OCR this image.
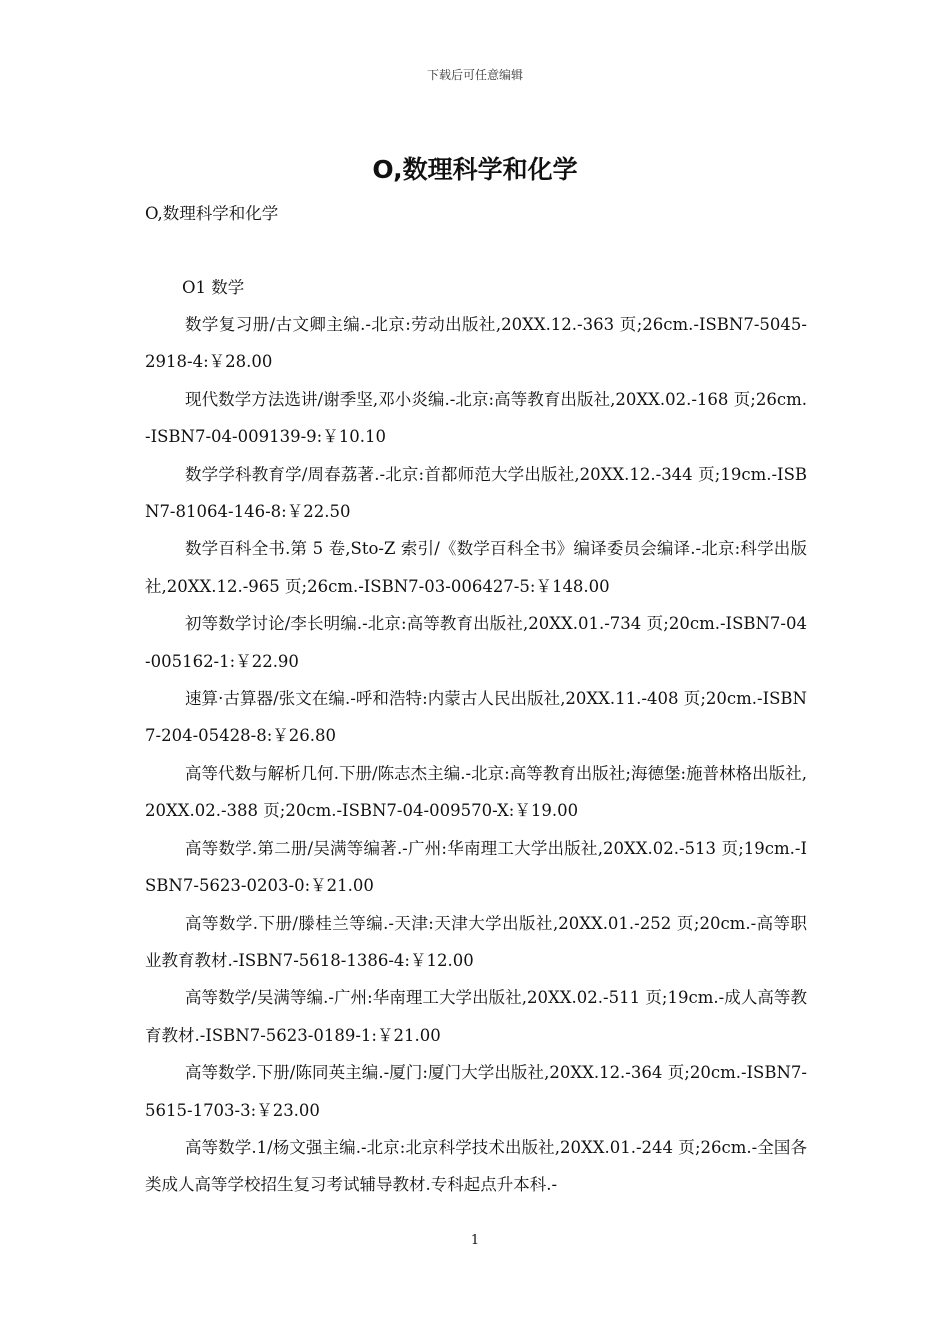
下载后可任意编辑
O,数理科学和化学

O,数理科学和化学

O1 数学

数学复习册/古文卿主编.-北京:劳动出版社,20XX.12.-363 页;26cm.-ISBN7-5045-2918-4:￥28.00
现代数学方法选讲/谢季坚,邓小炎编.-北京:高等教育出版社,20XX.02.-168 页;26cm.-ISBN7-04-009139-9:￥10.10
数学学科教育学/周春荔著.-北京:首都师范大学出版社,20XX.12.-344 页;19cm.-ISBN7-81064-146-8:￥22.50
数学百科全书.第 5 卷,Sto-Z 索引/《数学百科全书》编译委员会编译.-北京:科学出版社,20XX.12.-965 页;26cm.-ISBN7-03-006427-5:￥148.00
初等数学讨论/李长明编.-北京:高等教育出版社,20XX.01.-734 页;20cm.-ISBN7-04-005162-1:￥22.90
速算·古算器/张文在编.-呼和浩特:内蒙古人民出版社,20XX.11.-408 页;20cm.-ISBN7-204-05428-8:￥26.80
高等代数与解析几何.下册/陈志杰主编.-北京:高等教育出版社;海德堡:施普林格出版社,20XX.02.-388 页;20cm.-ISBN7-04-009570-X:￥19.00
高等数学.第二册/吴满等编著.-广州:华南理工大学出版社,20XX.02.-513 页;19cm.-ISBN7-5623-0203-0:￥21.00
高等数学.下册/滕桂兰等编.-天津:天津大学出版社,20XX.01.-252 页;20cm.-高等职业教育教材.-ISBN7-5618-1386-4:￥12.00
高等数学/吴满等编.-广州:华南理工大学出版社,20XX.02.-511 页;19cm.-成人高等教育教材.-ISBN7-5623-0189-1:￥21.00
高等数学.下册/陈同英主编.-厦门:厦门大学出版社,20XX.12.-364 页;20cm.-ISBN7-5615-1703-3:￥23.00
高等数学.1/杨文强主编.-北京:北京科学技术出版社,20XX.01.-244 页;26cm.-全国各类成人高等学校招生复习考试辅导教材.专科起点升本科.-
1
